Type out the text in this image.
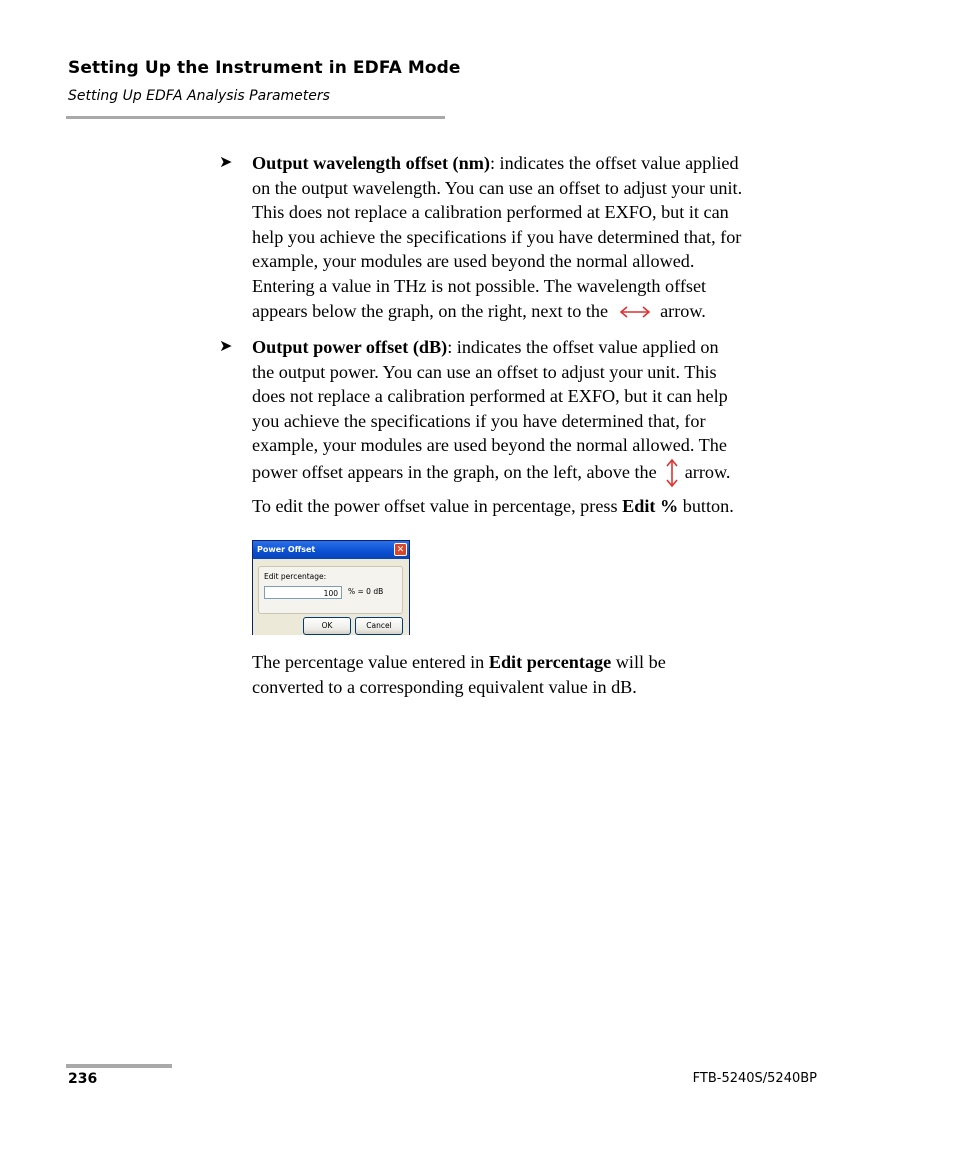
Setting Up the Instrument in EDFA Mode
Setting Up EDFA Analysis Parameters
➤ Output wavelength offset (nm): indicates the offset value applied
on the output wavelength. You can use an offset to adjust your unit.
This does not replace a calibration performed at EXFO, but it can
help you achieve the specifications if you have determined that, for
example, your modules are used beyond the normal allowed.
Entering a value in THz is not possible. The wavelength offset
appears below the graph, on the right, next to the	arrow.
➤ Output power offset (dB): indicates the offset value applied on
the output power. You can use an offset to adjust your unit. This
does not replace a calibration performed at EXFO, but it can help
you achieve the specifications if you have determined that, for
example, your modules are used beyond the normal allowed. The
power offset appears in the graph, on the left, above the arrow.
To edit the power offset value in percentage, press Edit % button.
Power Offset	✕
Edit percentage:
100	% = 0 dB
OK	Cancel
The percentage value entered in Edit percentage will be
converted to a corresponding equivalent value in dB.
236	FTB-5240S/5240BP
